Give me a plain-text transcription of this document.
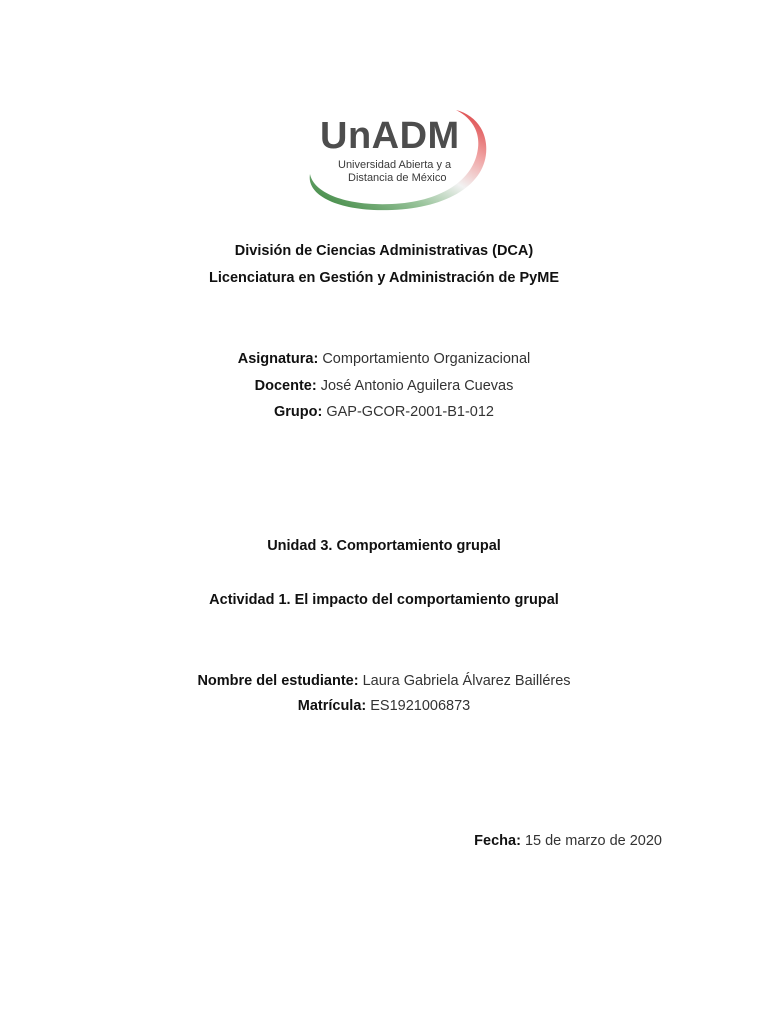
UnADM
Universidad Abierta y a
Distancia de México
División de Ciencias Administrativas (DCA)
Licenciatura en Gestión y Administración de PyME
Asignatura: Comportamiento Organizacional
Docente: José Antonio Aguilera Cuevas
Grupo: GAP-GCOR-2001-B1-012
Unidad 3. Comportamiento grupal
Actividad 1. El impacto del comportamiento grupal
Nombre del estudiante: Laura Gabriela Álvarez Bailléres
Matrícula: ES1921006873
Fecha: 15 de marzo de 2020
